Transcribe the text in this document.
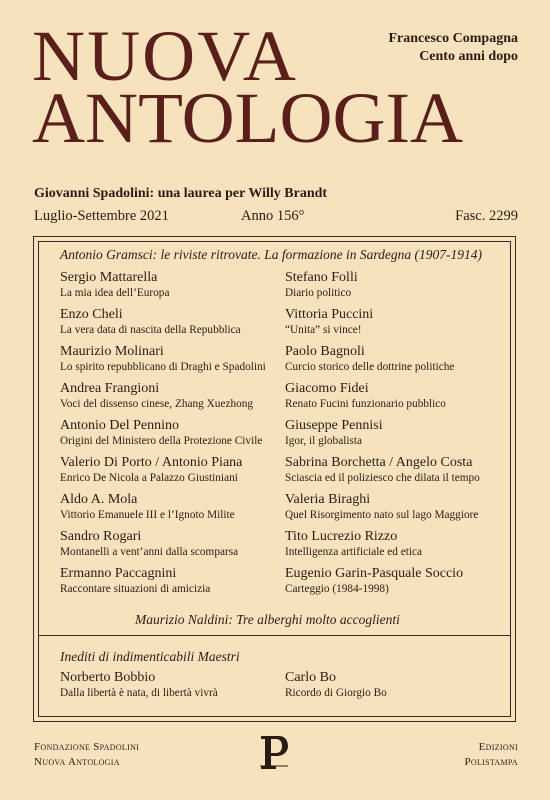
NUOVA
ANTOLOGIA
Francesco Compagna
Cento anni dopo
Giovanni Spadolini: una laurea per Willy Brandt
Luglio-Settembre 2021	Anno 156°	Fasc. 2299
Antonio Gramsci: le riviste ritrovate. La formazione in Sardegna (1907-1914)
Sergio Mattarella
La mia idea dell’Europa
Enzo Cheli
La vera data di nascita della Repubblica
Maurizio Molinari
Lo spirito repubblicano di Draghi e Spadolini
Andrea Frangioni
Voci del dissenso cinese, Zhang Xuezhong
Antonio Del Pennino
Origini del Ministero della Protezione Civile
Valerio Di Porto / Antonio Piana
Enrico De Nicola a Palazzo Giustiniani
Aldo A. Mola
Vittorio Emanuele III e l’Ignoto Milite
Sandro Rogari
Montanelli a vent’anni dalla scomparsa
Ermanno Paccagnini
Raccontare situazioni di amicizia
Stefano Folli
Diario politico
Vittoria Puccini
“Unita” si vince!
Paolo Bagnoli
Curcio storico delle dottrine politiche
Giacomo Fidei
Renato Fucini funzionario pubblico
Giuseppe Pennisi
Igor, il globalista
Sabrina Borchetta / Angelo Costa
Sciascia ed il poliziesco che dilata il tempo
Valeria Biraghi
Quel Risorgimento nato sul lago Maggiore
Tito Lucrezio Rizzo
Intelligenza artificiale ed etica
Eugenio Garin-Pasquale Soccio
Carteggio (1984-1998)
Maurizio Naldini: Tre alberghi molto accoglienti
Inediti di indimenticabili Maestri
Norberto Bobbio
Dalla libertà è nata, di libertà vivrà
Carlo Bo
Ricordo di Giorgio Bo
Fondazione Spadolini
Nuova Antologia
Edizioni
Polistampa
